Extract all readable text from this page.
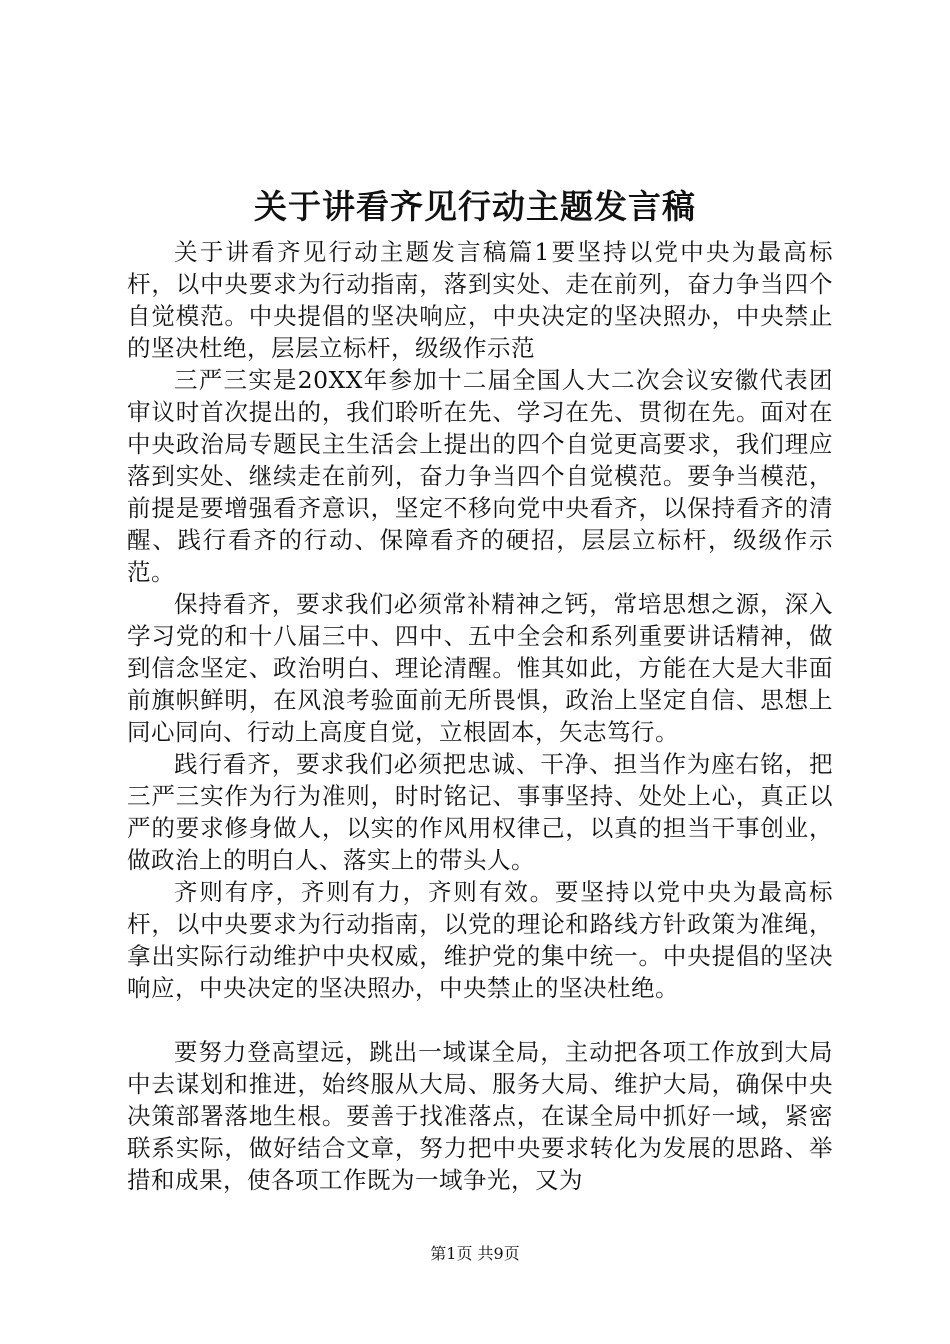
关于讲看齐见行动主题发言稿

关于讲看齐见行动主题发言稿篇1要坚持以党中央为最高标杆，以中央要求为行动指南，落到实处、走在前列，奋力争当四个自觉模范。中央提倡的坚决响应，中央决定的坚决照办，中央禁止的坚决杜绝，层层立标杆，级级作示范

三严三实是20XX年参加十二届全国人大二次会议安徽代表团审议时首次提出的，我们聆听在先、学习在先、贯彻在先。面对在中央政治局专题民主生活会上提出的四个自觉更高要求，我们理应落到实处、继续走在前列，奋力争当四个自觉模范。要争当模范，前提是要增强看齐意识，坚定不移向党中央看齐，以保持看齐的清醒、践行看齐的行动、保障看齐的硬招，层层立标杆，级级作示范。

保持看齐，要求我们必须常补精神之钙，常培思想之源，深入学习党的和十八届三中、四中、五中全会和系列重要讲话精神，做到信念坚定、政治明白、理论清醒。惟其如此，方能在大是大非面前旗帜鲜明，在风浪考验面前无所畏惧，政治上坚定自信、思想上同心同向、行动上高度自觉，立根固本，矢志笃行。

践行看齐，要求我们必须把忠诚、干净、担当作为座右铭，把三严三实作为行为准则，时时铭记、事事坚持、处处上心，真正以严的要求修身做人，以实的作风用权律己，以真的担当干事创业，做政治上的明白人、落实上的带头人。

齐则有序，齐则有力，齐则有效。要坚持以党中央为最高标杆，以中央要求为行动指南，以党的理论和路线方针政策为准绳，拿出实际行动维护中央权威，维护党的集中统一。中央提倡的坚决响应，中央决定的坚决照办，中央禁止的坚决杜绝。

要努力登高望远，跳出一域谋全局，主动把各项工作放到大局中去谋划和推进，始终服从大局、服务大局、维护大局，确保中央决策部署落地生根。要善于找准落点，在谋全局中抓好一域，紧密联系实际，做好结合文章，努力把中央要求转化为发展的思路、举措和成果，使各项工作既为一域争光，又为

第1页 共9页
